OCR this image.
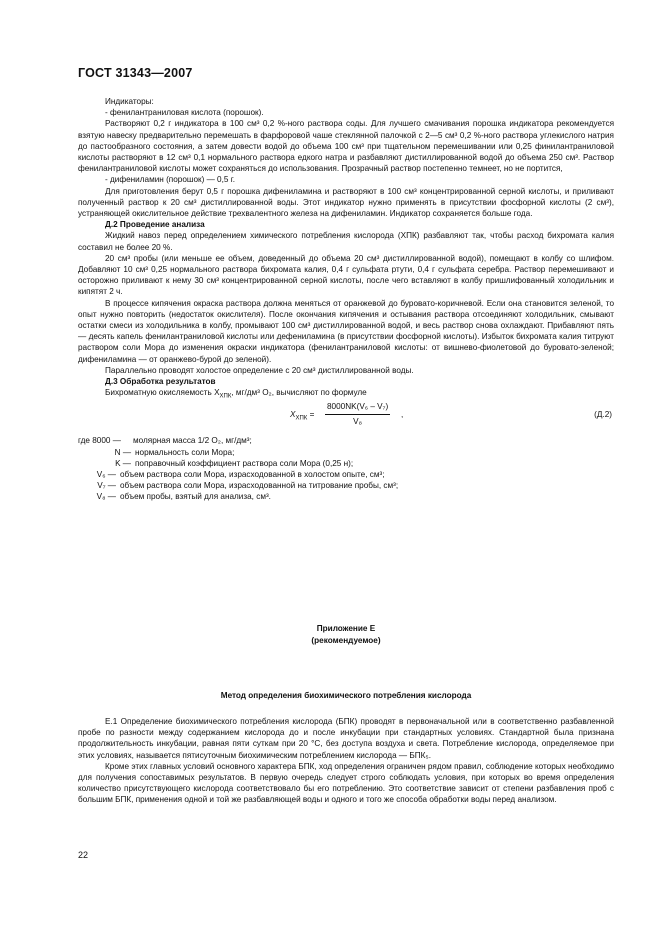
ГОСТ 31343—2007

Индикаторы:

- фенилантраниловая кислота (порошок).

Растворяют 0,2 г индикатора в 100 см³ 0,2 %-ного раствора соды. Для лучшего смачивания порошка индикатора рекомендуется взятую навеску предварительно перемешать в фарфоровой чаше стеклянной палочкой с 2—5 см³ 0,2 %-ного раствора углекислого натрия до пастообразного состояния, а затем довести водой до объема 100 см³ при тщательном перемешивании или 0,25 финилантраниловой кислоты растворяют в 12 см³ 0,1 нормального раствора едкого натра и разбавляют дистиллированной водой до объема 250 см³. Раствор фенилантраниловой кислоты может сохраняться до использования. Прозрачный раствор постепенно темнеет, но не портится,

- дифениламин (порошок) — 0,5 г.

Для приготовления берут 0,5 г порошка дифениламина и растворяют в 100 см³ концентрированной серной кислоты, и приливают полученный раствор к 20 см³ дистиллированной воды. Этот индикатор нужно применять в присутствии фосфорной кислоты (2 см³), устраняющей окислительное действие трехвалентного железа на дифениламин. Индикатор сохраняется больше года.

Д.2 Проведение анализа

Жидкий навоз перед определением химического потребления кислорода (ХПК) разбавляют так, чтобы расход бихромата калия составил не более 20 %.

20 см³ пробы (или меньше ее объем, доведенный до объема 20 см³ дистиллированной водой), помещают в колбу со шлифом. Добавляют 10 см³ 0,25 нормального раствора бихромата калия, 0,4 г сульфата ртути, 0,4 г сульфата серебра. Раствор перемешивают и осторожно приливают к нему 30 см³ концентрированной серной кислоты, после чего вставляют в колбу пришлифованный холодильник и кипятят 2 ч.

В процессе кипячения окраска раствора должна меняться от оранжевой до буровато-коричневой. Если она становится зеленой, то опыт нужно повторить (недостаток окислителя). После окончания кипячения и остывания раствора отсоединяют холодильник, смывают остатки смеси из холодильника в колбу, промывают 100 см³ дистиллированной водой, и весь раствор снова охлаждают. Прибавляют пять — десять капель фенилантраниловой кислоты или дефениламина (в присутствии фосфорной кислоты). Избыток бихромата калия титруют раствором соли Мора до изменения окраски индикатора (фенилантраниловой кислоты: от вишнево-фиолетовой до буровато-зеленой; дифениламина — от оранжево-бурой до зеленой).

Параллельно проводят холостое определение с 20 см³ дистиллированной воды.

Д.3 Обработка результатов

Бихроматную окисляемость $X_{ХПК}$, мг/дм³ O₂, вычисляют по формуле

$X_{ХПК} = \frac{\text{8000NK(V₆ – V₇)}}{\text{V₈}}$ ,	(Д.2)
где 8000 —	молярная масса 1/2 O₂, мг/дм³;
N — нормальность соли Мора;
K — поправочный коэффициент раствора соли Мора (0,25 н);
V₆ — объем раствора соли Мора, израсходованной в холостом опыте, см³;
V₇ — объем раствора соли Мора, израсходованной на титрование пробы, см³;
V₈ — объем пробы, взятый для анализа, см³.
Приложение Е
(рекомендуемое)
Метод определения биохимического потребления кислорода

Е.1 Определение биохимического потребления кислорода (БПК) проводят в первоначальной или в соответственно разбавленной пробе по разности между содержанием кислорода до и после инкубации при стандартных условиях. Стандартной была признана продолжительность инкубации, равная пяти суткам при 20 °С, без доступа воздуха и света. Потребление кислорода, определяемое при этих условиях, называется пятисуточным биохимическим потреблением кислорода — БПК₅.

Кроме этих главных условий основного характера БПК, ход определения ограничен рядом правил, соблюдение которых необходимо для получения сопоставимых результатов. В первую очередь следует строго соблюдать условия, при которых во время определения количество присутствующего кислорода соответствовало бы его потреблению. Это соответствие зависит от степени разбавления проб с большим БПК, применения одной и той же разбавляющей воды и одного и того же способа обработки воды перед анализом.

22
